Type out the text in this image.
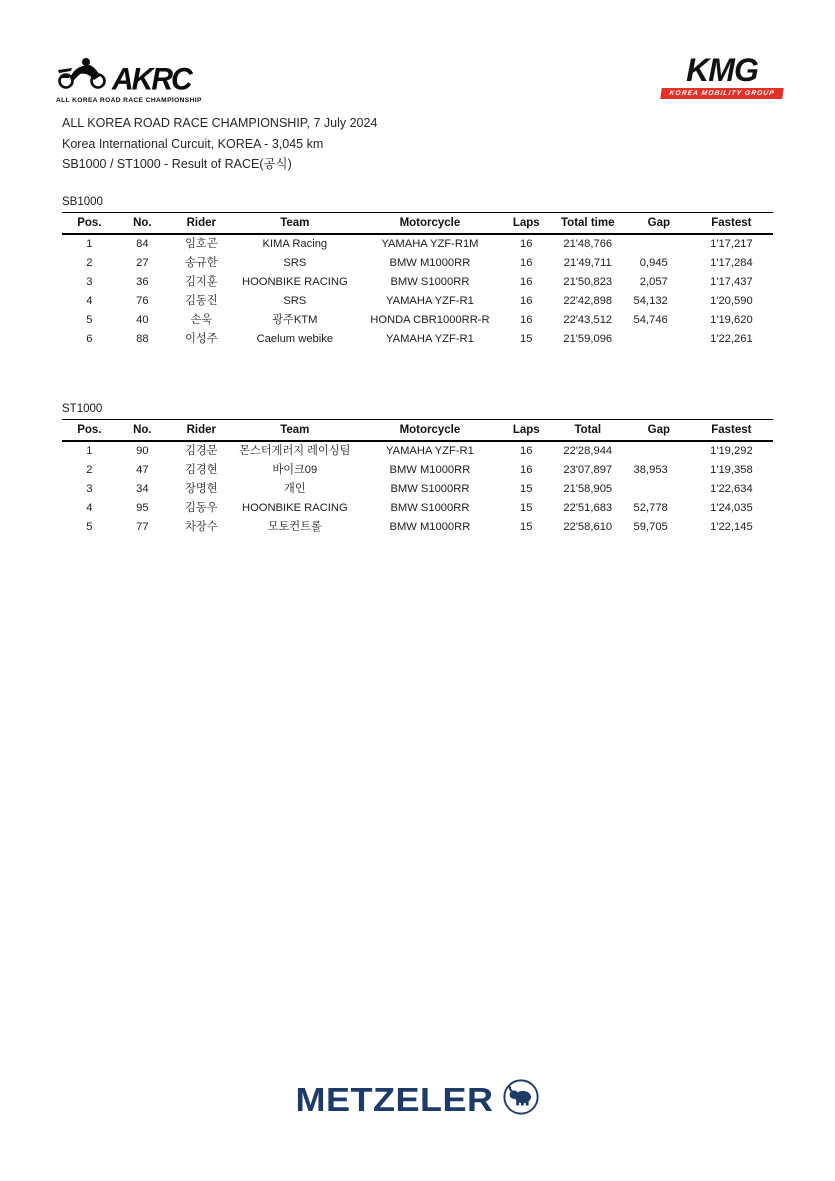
AKRC
ALL KOREA ROAD RACE CHAMPIONSHIP
KMG
KOREA MOBILITY GROUP
ALL KOREA ROAD RACE CHAMPIONSHIP, 7 July 2024
Korea International Curcuit, KOREA - 3,045 km
SB1000 / ST1000 - Result of RACE(공식)
SB1000
Pos.	No.	Rider	Team	Motorcycle	Laps	Total time	Gap	Fastest
1	84	임호곤	KIMA Racing	YAMAHA YZF-R1M	16	21'48,766		1'17,217
2	27	송규한	SRS	BMW M1000RR	16	21'49,711	0,945	1'17,284
3	36	김지훈	HOONBIKE RACING	BMW S1000RR	16	21'50,823	2,057	1'17,437
4	76	김동진	SRS	YAMAHA YZF-R1	16	22'42,898	54,132	1'20,590
5	40	손욱	광주KTM	HONDA CBR1000RR-R	16	22'43,512	54,746	1'19,620
6	88	이성주	Caelum webike	YAMAHA YZF-R1	15	21'59,096		1'22,261
ST1000
Pos.	No.	Rider	Team	Motorcycle	Laps	Total	Gap	Fastest
1	90	김경문	몬스터게러지 레이싱팀	YAMAHA YZF-R1	16	22'28,944		1'19,292
2	47	김경현	바이크09	BMW M1000RR	16	23'07,897	38,953	1'19,358
3	34	장명현	개인	BMW S1000RR	15	21'58,905		1'22,634
4	95	김동우	HOONBIKE RACING	BMW S1000RR	15	22'51,683	52,778	1'24,035
5	77	차장수	모토컨트롤	BMW M1000RR	15	22'58,610	59,705	1'22,145
METZELER
